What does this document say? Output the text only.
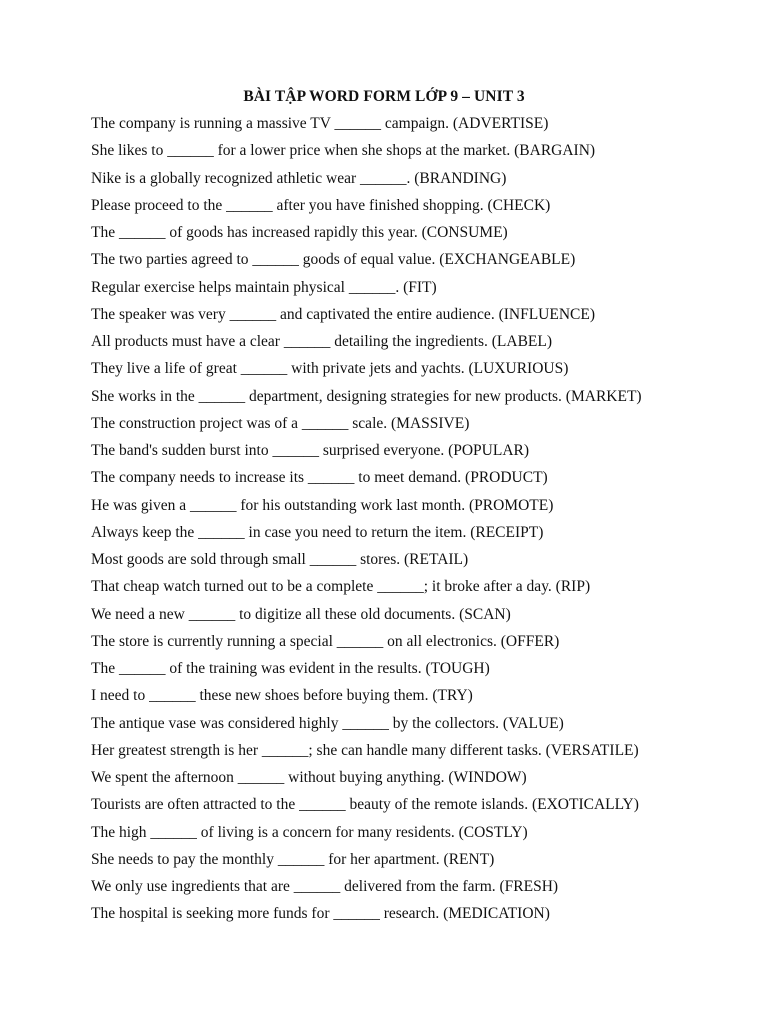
BÀI TẬP WORD FORM LỚP 9 – UNIT 3
The company is running a massive TV ______ campaign. (ADVERTISE)
She likes to ______ for a lower price when she shops at the market. (BARGAIN)
Nike is a globally recognized athletic wear ______. (BRANDING)
Please proceed to the ______ after you have finished shopping. (CHECK)
The ______ of goods has increased rapidly this year. (CONSUME)
The two parties agreed to ______ goods of equal value. (EXCHANGEABLE)
Regular exercise helps maintain physical ______. (FIT)
The speaker was very ______ and captivated the entire audience. (INFLUENCE)
All products must have a clear ______ detailing the ingredients. (LABEL)
They live a life of great ______ with private jets and yachts. (LUXURIOUS)
She works in the ______ department, designing strategies for new products. (MARKET)
The construction project was of a ______ scale. (MASSIVE)
The band's sudden burst into ______ surprised everyone. (POPULAR)
The company needs to increase its ______ to meet demand. (PRODUCT)
He was given a ______ for his outstanding work last month. (PROMOTE)
Always keep the ______ in case you need to return the item. (RECEIPT)
Most goods are sold through small ______ stores. (RETAIL)
That cheap watch turned out to be a complete ______; it broke after a day. (RIP)
We need a new ______ to digitize all these old documents. (SCAN)
The store is currently running a special ______ on all electronics. (OFFER)
The ______ of the training was evident in the results. (TOUGH)
I need to ______ these new shoes before buying them. (TRY)
The antique vase was considered highly ______ by the collectors. (VALUE)
Her greatest strength is her ______; she can handle many different tasks. (VERSATILE)
We spent the afternoon ______ without buying anything. (WINDOW)
Tourists are often attracted to the ______ beauty of the remote islands. (EXOTICALLY)
The high ______ of living is a concern for many residents. (COSTLY)
She needs to pay the monthly ______ for her apartment. (RENT)
We only use ingredients that are ______ delivered from the farm. (FRESH)
The hospital is seeking more funds for ______ research. (MEDICATION)
